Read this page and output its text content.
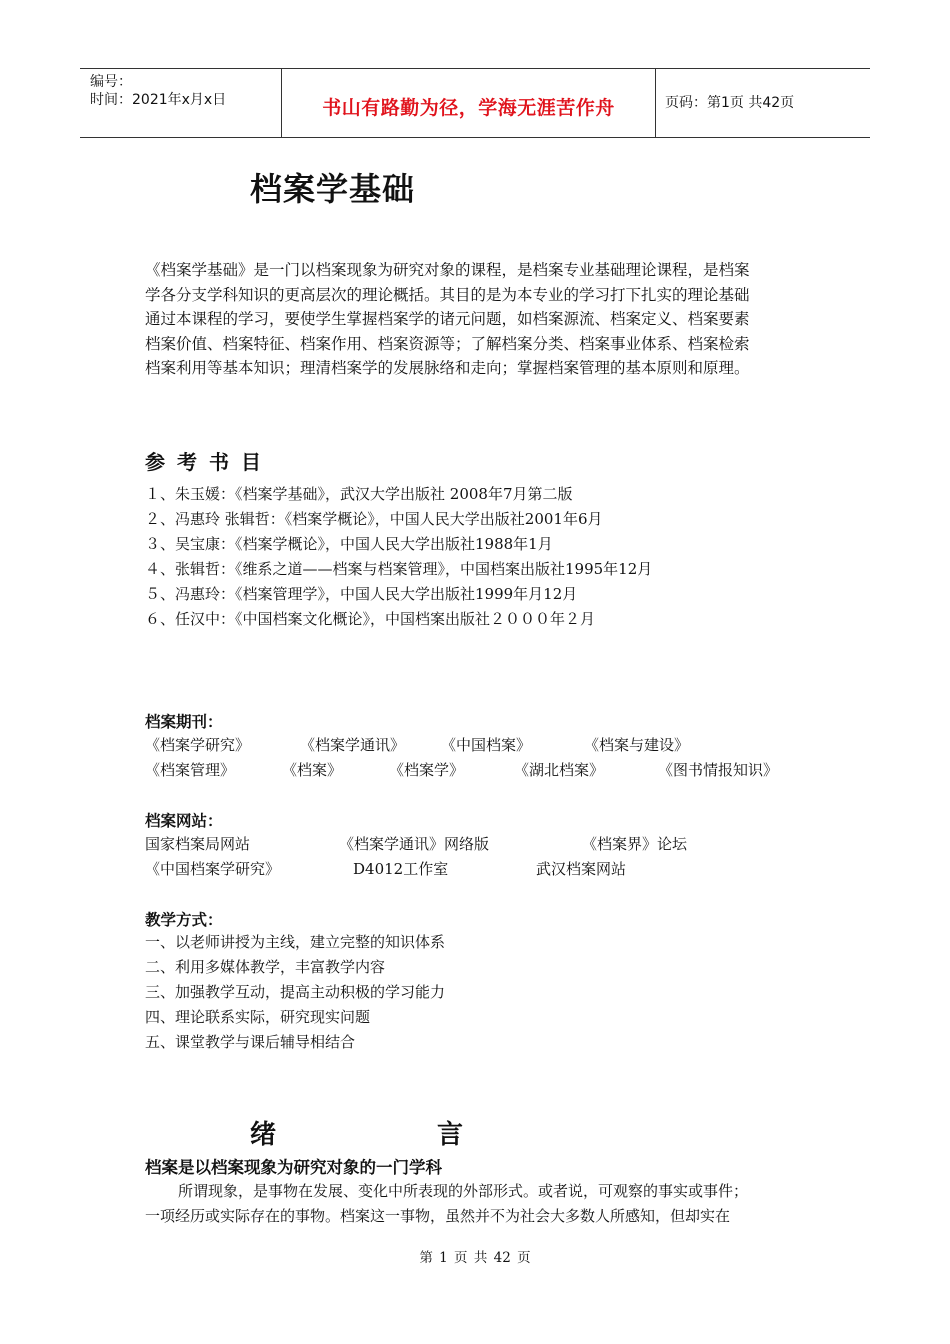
编号：
时间：2021年x月x日	书山有路勤为径，学海无涯苦作舟	页码：第1页 共42页
档案学基础
《档案学基础》是一门以档案现象为研究对象的课程，是档案专业基础理论课程，是档案
学各分支学科知识的更高层次的理论概括。其目的是为本专业的学习打下扎实的理论基础
通过本课程的学习，要使学生掌握档案学的诸元问题，如档案源流、档案定义、档案要素
档案价值、档案特征、档案作用、档案资源等；了解档案分类、档案事业体系、档案检索
档案利用等基本知识；理清档案学的发展脉络和走向；掌握档案管理的基本原则和原理。
参考书目
１、朱玉媛：《档案学基础》，武汉大学出版社 2008年7月第二版
２、冯惠玲 张辑哲：《档案学概论》，中国人民大学出版社2001年6月
３、吴宝康：《档案学概论》，中国人民大学出版社1988年1月
４、张辑哲：《维系之道——档案与档案管理》，中国档案出版社1995年12月
５、冯惠玲：《档案管理学》，中国人民大学出版社1999年月12月
６、任汉中：《中国档案文化概论》，中国档案出版社２０００年２月
档案期刊：
《档案学研究》	《档案学通讯》 《中国档案》	《档案与建设》
《档案管理》	《档案》	《档案学》	《湖北档案》	《图书情报知识》
档案网站：
国家档案局网站	《档案学通讯》网络版	《档案界》论坛
《中国档案学研究》	D4012工作室	武汉档案网站
教学方式：
一、以老师讲授为主线，建立完整的知识体系
二、利用多媒体教学，丰富教学内容
三、加强教学互动，提高主动积极的学习能力
四、理论联系实际，研究现实问题
五、课堂教学与课后辅导相结合
绪	言
档案是以档案现象为研究对象的一门学科
所谓现象，是事物在发展、变化中所表现的外部形式。或者说，可观察的事实或事件；
一项经历或实际存在的事物。档案这一事物，虽然并不为社会大多数人所感知，但却实在
第 1 页 共 42 页
